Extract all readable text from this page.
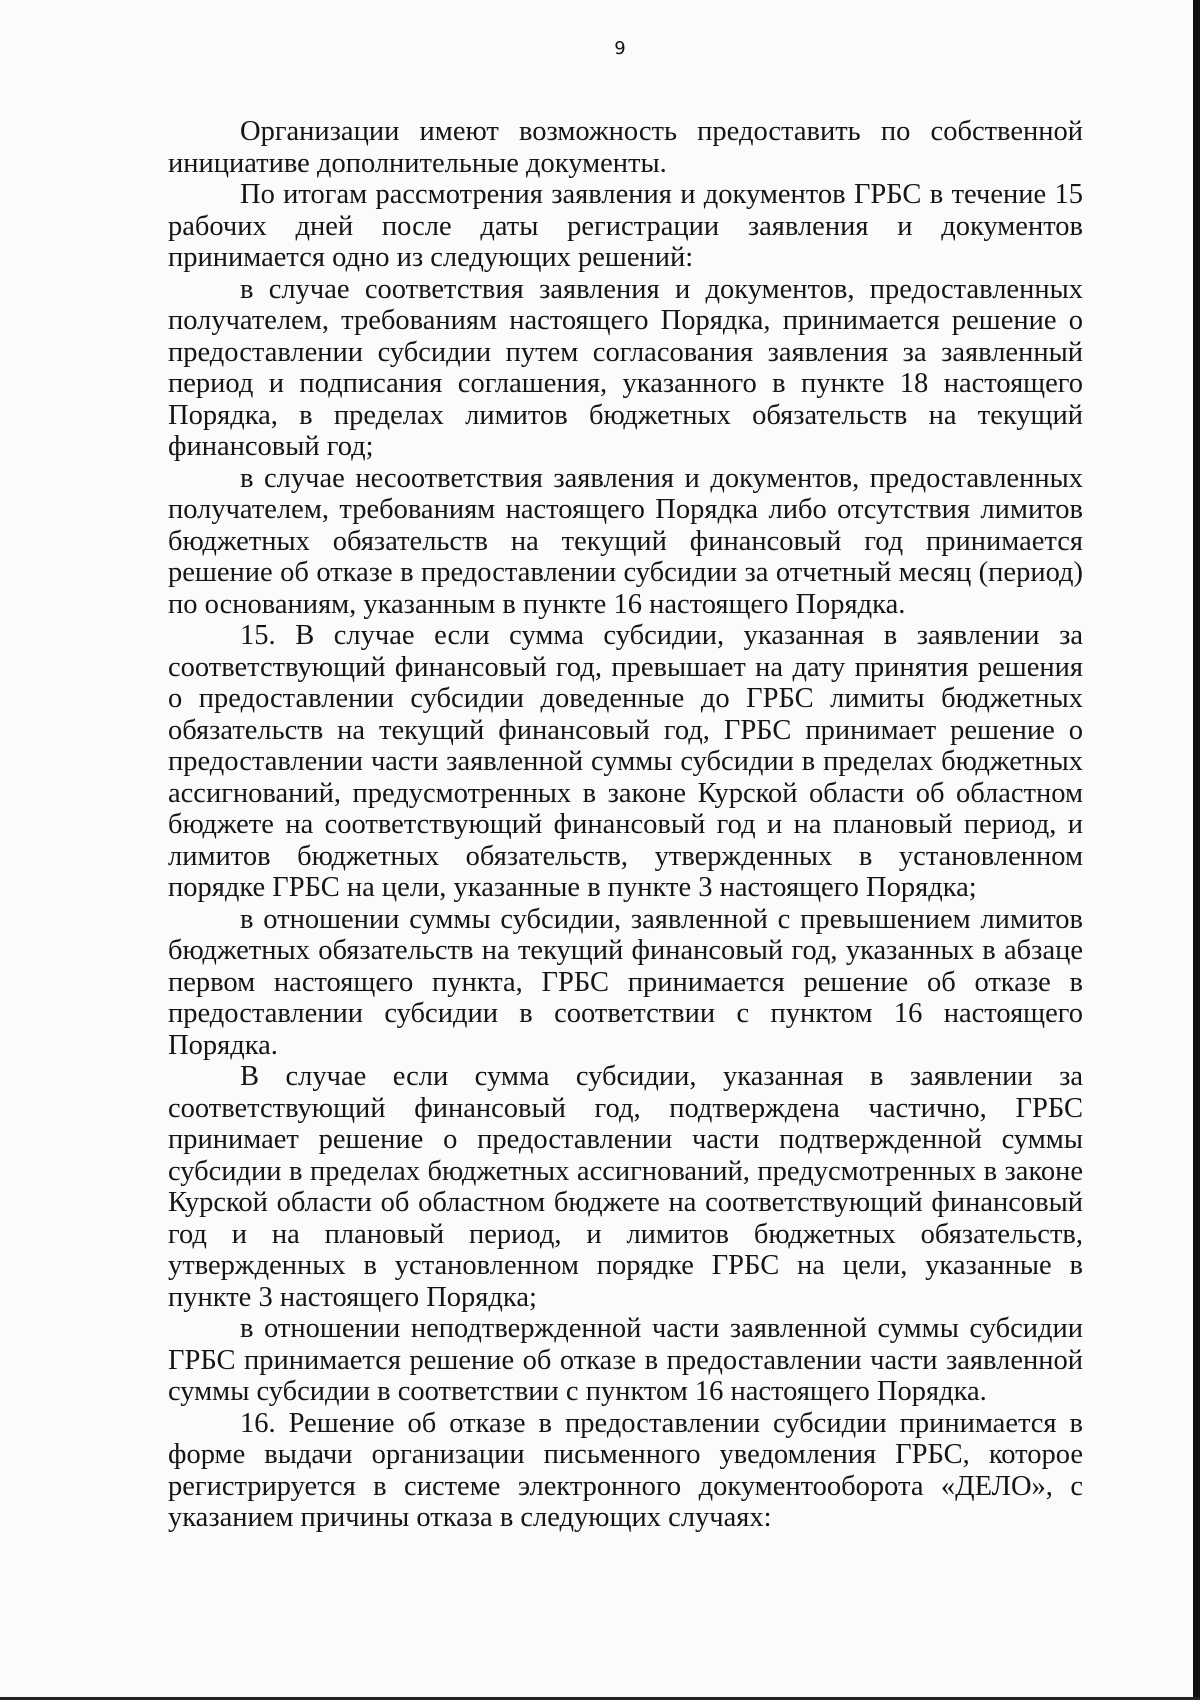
9

Организации имеют возможность предоставить по собственной инициативе дополнительные документы.

По итогам рассмотрения заявления и документов ГРБС в течение 15 рабочих дней после даты регистрации заявления и документов принимается одно из следующих решений:

в случае соответствия заявления и документов, предоставленных получателем, требованиям настоящего Порядка, принимается решение о предоставлении субсидии путем согласования заявления за заявленный период и подписания соглашения, указанного в пункте 18 настоящего Порядка, в пределах лимитов бюджетных обязательств на текущий финансовый год;

в случае несоответствия заявления и документов, предоставленных получателем, требованиям настоящего Порядка либо отсутствия лимитов бюджетных обязательств на текущий финансовый год принимается решение об отказе в предоставлении субсидии за отчетный месяц (период) по основаниям, указанным в пункте 16 настоящего Порядка.

15. В случае если сумма субсидии, указанная в заявлении за соответствующий финансовый год, превышает на дату принятия решения о предоставлении субсидии доведенные до ГРБС лимиты бюджетных обязательств на текущий финансовый год, ГРБС принимает решение о предоставлении части заявленной суммы субсидии в пределах бюджетных ассигнований, предусмотренных в законе Курской области об областном бюджете на соответствующий финансовый год и на плановый период, и лимитов бюджетных обязательств, утвержденных в установленном порядке ГРБС на цели, указанные в пункте 3 настоящего Порядка;

в отношении суммы субсидии, заявленной с превышением лимитов бюджетных обязательств на текущий финансовый год, указанных в абзаце первом настоящего пункта, ГРБС принимается решение об отказе в предоставлении субсидии в соответствии с пунктом 16 настоящего Порядка.

В случае если сумма субсидии, указанная в заявлении за соответствующий финансовый год, подтверждена частично, ГРБС принимает решение о предоставлении части подтвержденной суммы субсидии в пределах бюджетных ассигнований, предусмотренных в законе Курской области об областном бюджете на соответствующий финансовый год и на плановый период, и лимитов бюджетных обязательств, утвержденных в установленном порядке ГРБС на цели, указанные в пункте 3 настоящего Порядка;

в отношении неподтвержденной части заявленной суммы субсидии ГРБС принимается решение об отказе в предоставлении части заявленной суммы субсидии в соответствии с пунктом 16 настоящего Порядка.

16. Решение об отказе в предоставлении субсидии принимается в форме выдачи организации письменного уведомления ГРБС, которое регистрируется в системе электронного документооборота «ДЕЛО», с указанием причины отказа в следующих случаях:
